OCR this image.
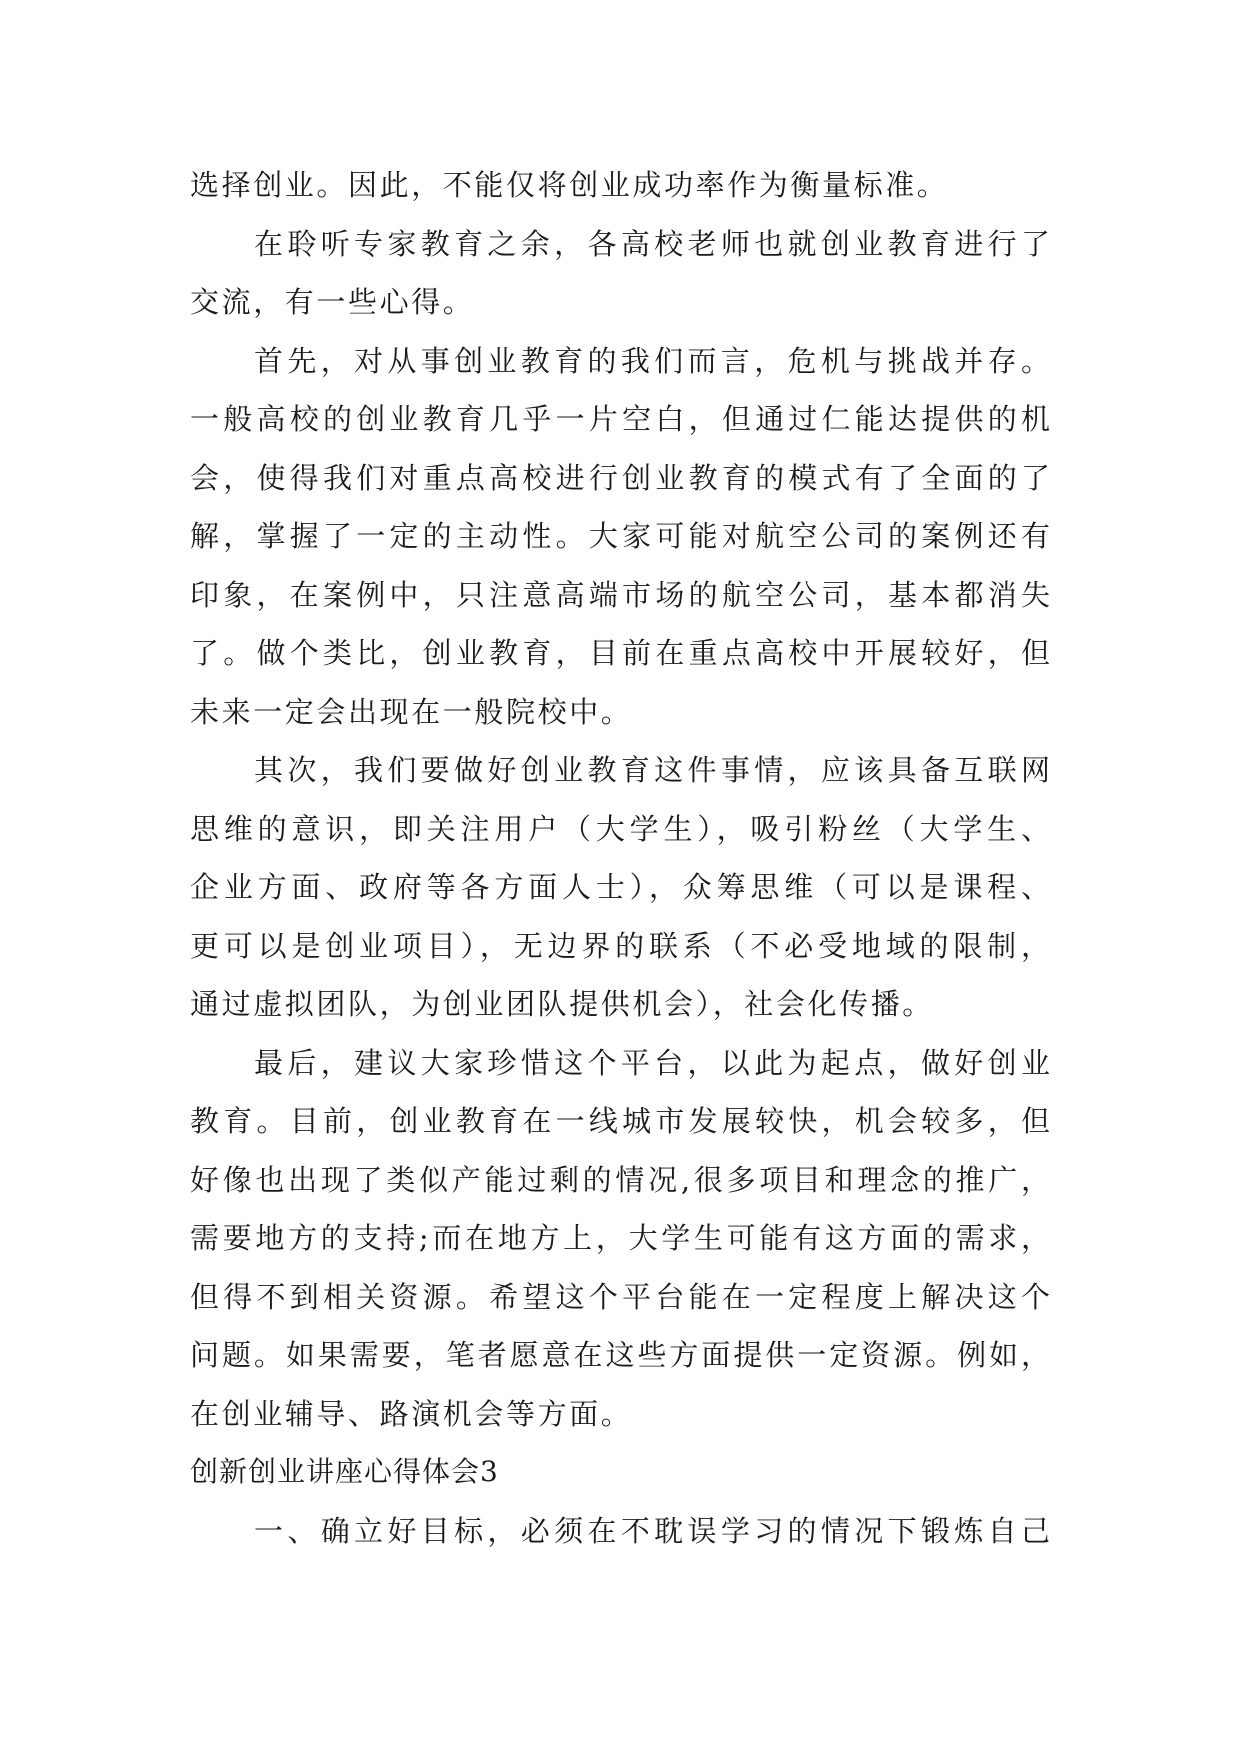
选择创业。因此，不能仅将创业成功率作为衡量标准。
在聆听专家教育之余，各高校老师也就创业教育进行了
交流，有一些心得。
首先，对从事创业教育的我们而言，危机与挑战并存。
一般高校的创业教育几乎一片空白，但通过仁能达提供的机
会，使得我们对重点高校进行创业教育的模式有了全面的了
解，掌握了一定的主动性。大家可能对航空公司的案例还有
印象，在案例中，只注意高端市场的航空公司，基本都消失
了。做个类比，创业教育，目前在重点高校中开展较好，但
未来一定会出现在一般院校中。
其次，我们要做好创业教育这件事情，应该具备互联网
思维的意识，即关注用户（大学生），吸引粉丝（大学生、
企业方面、政府等各方面人士），众筹思维（可以是课程、
更可以是创业项目），无边界的联系（不必受地域的限制，
通过虚拟团队，为创业团队提供机会），社会化传播。
最后，建议大家珍惜这个平台，以此为起点，做好创业
教育。目前，创业教育在一线城市发展较快，机会较多，但
好像也出现了类似产能过剩的情况,很多项目和理念的推广，
需要地方的支持;而在地方上，大学生可能有这方面的需求，
但得不到相关资源。希望这个平台能在一定程度上解决这个
问题。如果需要，笔者愿意在这些方面提供一定资源。例如，
在创业辅导、路演机会等方面。
创新创业讲座心得体会3
一、确立好目标，必须在不耽误学习的情况下锻炼自己
